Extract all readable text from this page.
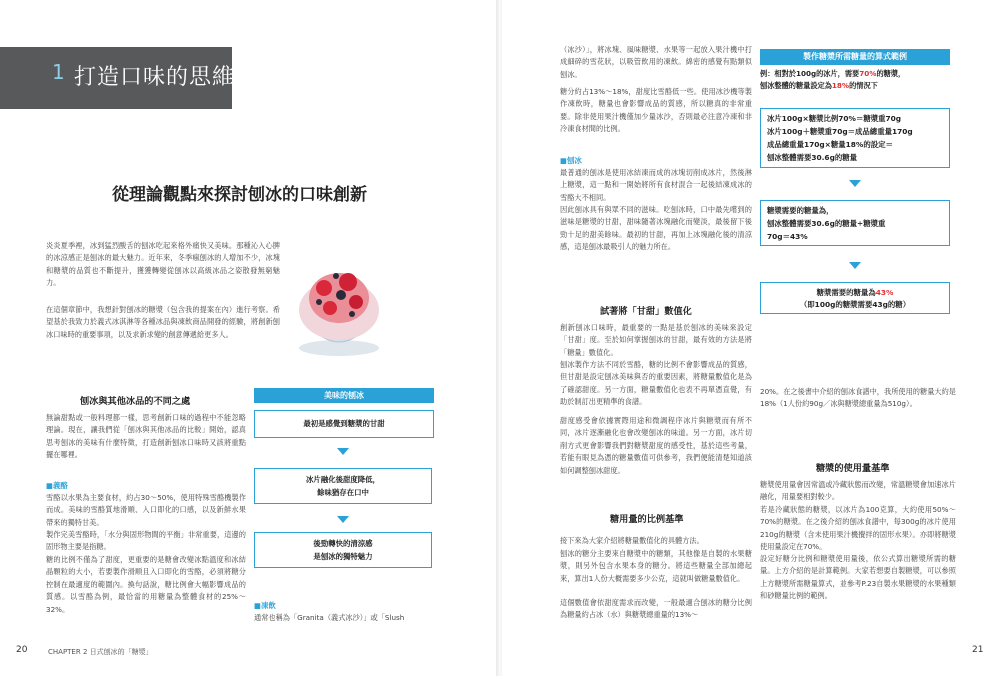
1 打造口味的思維
從理論觀點來探討刨冰的口味創新

炎炎夏季裡，冰到猛烈酸舌的刨冰吃起來格外痛快又美味。那種沁入心脾的冰涼感正是刨冰的最大魅力。近年來，冬季瘋刨冰的人增加不少，冰塊和糖漿的品質也不斷提升，獲獲轉變從刨冰以高級冰品之姿散發無窮魅力。

在這個章節中，我想針對刨冰的糖漿（包含我的提案在內）進行考察。希望基於我致力於義式冰淇淋等各種冰品與凍飲商品開發的經驗，將創新刨冰口味時的重要事項，以及求新求變的創意傳遞給更多人。

刨冰與其他冰品的不同之處

無論甜點或一般料理都一樣，思考創新口味的過程中不能忽略理論。現在，讓我們從「刨冰與其他冰品的比較」開始，認真思考刨冰的美味有什麼特徵，打造創新刨冰口味時又該將重點擺在哪裡。

■義酪

雪酪以水果為主要食材，約占30～50%，使用特殊雪酪機製作而成。美味的雪酪質地滑順、入口即化的口感，以及新鮮水果帶來的獨特甘美。

製作完美雪酪時，「水分與固形物間的平衡」非常重要，這邊的固形物主要是指糖。

糖的比例不僅為了甜度，更重要的是糖會改變冰點溫度和冰結晶顆粒的大小，若要製作滑順且入口即化的雪酪，必須將糖分控制在最適度的範圍內。換句話說，糖比例會大幅影響成品的質感。以雪酪為例，最恰當的用糖量為整體食材的25%～32%。

美味的刨冰
最初是感覺到糖漿的甘甜
冰片融化後甜度降低，
餘味猶存在口中
後勁轉快的清涼感
是刨冰的獨特魅力
■凍飲

通常也稱為「Granita（義式冰沙）」或「Slush

20	CHAPTER 2 日式刨冰的「糖漿」

（冰沙）」，將冰塊、風味糖漿、水果等一起放入果汁機中打成細碎的雪花狀，以吸管飲用的凍飲。綿密的感覺有點類似刨冰。

糖分約占13%～18%，甜度比雪酪低一些。使用冰沙機等製作凍飲時，糖量也會影響成品的質感，所以糖真的非常重要。除非使用果汁機僅加少量冰沙，否則最必注意冷凍和非冷凍食材間的比例。

■刨冰

最普通的刨冰是使用冰結凍而成的冰塊切削成冰片，然後淋上糖漿，這一點和一開始將所有食材混合一起後結凍成冰的雪酪大不相同。

因此刨冰具有與眾不同的滋味。吃刨冰時，口中最先嚐到的滋味是糖漿的甘甜，甜味隨著冰塊融化而變淡，最後留下後勁十足的甜美餘味。最初的甘甜，再加上冰塊融化後的清涼感，這是刨冰最吸引人的魅力所在。

試著將「甘甜」數值化

創新刨冰口味時，最重要的一點是基於刨冰的美味來設定「甘甜」度。至於如何掌握刨冰的甘甜，最有效的方法是將「糖量」數值化。

刨冰製作方法不同於雪酪，糖的比例不會影響成品的質感，但甘甜是設定刨冰美味與否的重要因素，將糖量數值化是為了確認甜度。另一方面，糖量數值化也表不再單憑直覺，有助於制訂出更精準的食譜。

甜度感受會依據實際用途和微調程序冰片與糖漿而有所不同，冰片逐漸融化也會改變刨冰的味道。另一方面，冰片切削方式更會影響我們對糖漿甜度的感受性，基於這些考量，若能有眼見為憑的糖量數值可供參考，我們便能清楚知道該如何調整刨冰甜度。

糖用量的比例基準

接下來為大家介紹將糖量數值化的具體方法。

刨冰的糖分主要來自糖漿中的糖類，其他像是自製的水果糖漿，則另外包含水果本身的糖分。將這些糖量全部加總起來，算出1人份大概需要多少公克，這就叫做糖量數值化。

這個數值會依甜度需求而改變，一般最適合刨冰的糖分比例為糖量約占冰（水）與糖漿總重量的13%～

製作糖漿所需糖量的算式範例
例：相對於100g的冰片，需要70%的糖漿，
刨冰整體的糖量設定為18%的情況下
冰片100g×糖漿比例70%＝糖漿重70g
冰片100g＋糖漿重70g＝成品總重量170g
成品總重量170g×糖量18%的設定＝
刨冰整體需要30.6g的糖量
糖漿需要的糖量為，
刨冰整體需要30.6g的糖量÷糖漿重
70g＝43%
糖漿需要的糖量為43%
（即100g的糖漿需要43g的糖）

20%。在之後書中介紹的刨冰食譜中，我所使用的糖量大約是18%（1人份約90g／冰與糖漿總重量為510g）。

糖漿的使用量基準

糖漿使用量會因常溫或冷藏狀態而改變，常溫糖漿會加速冰片融化，用量要相對較少。

若是冷藏狀態的糖漿，以冰片為100克算，大約使用50%～70%的糖漿。在之後介紹的刨冰食譜中，每300g的冰片使用210g的糖漿（含未使用果汁機攪拌的固形水果）。亦即將糖漿使用量設定在70%。

設定好糖分比例和糖漿使用量後，依公式算出糖漿所需的糖量。上方介紹的是計算範例。大家若想要自製糖漿，可以參照上方糖漿所需糖量算式，並參考P.23自製水果糖漿的水果種類和砂糖量比例的範例。

21
